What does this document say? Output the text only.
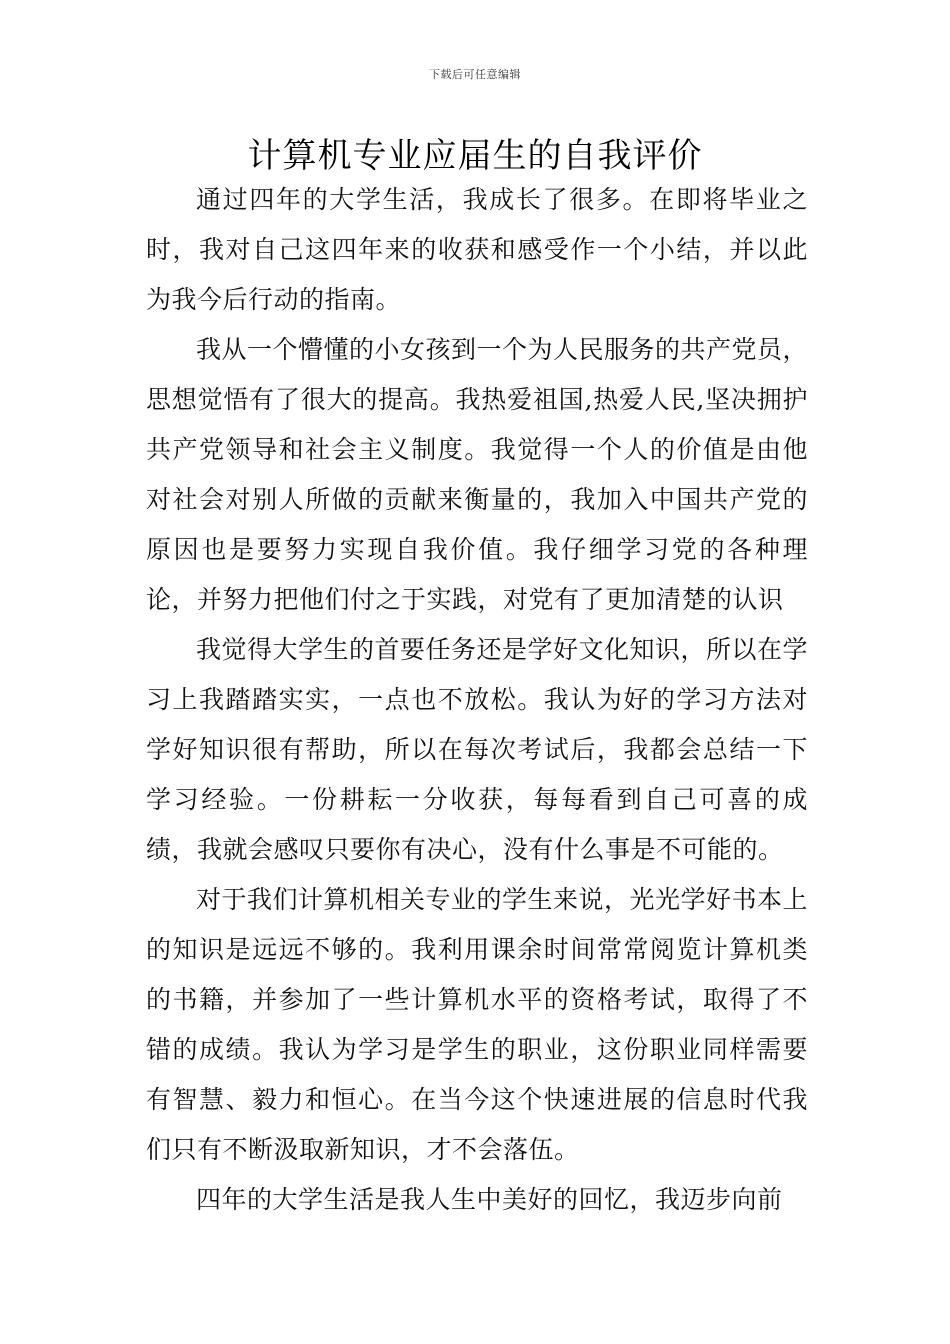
下载后可任意编辑
计算机专业应届生的自我评价

通过四年的大学生活，我成长了很多。在即将毕业之时，我对自己这四年来的收获和感受作一个小结，并以此为我今后行动的指南。

我从一个懵懂的小女孩到一个为人民服务的共产党员，思想觉悟有了很大的提高。我热爱祖国,热爱人民,坚决拥护共产党领导和社会主义制度。我觉得一个人的价值是由他对社会对别人所做的贡献来衡量的，我加入中国共产党的原因也是要努力实现自我价值。我仔细学习党的各种理论，并努力把他们付之于实践，对党有了更加清楚的认识

我觉得大学生的首要任务还是学好文化知识，所以在学习上我踏踏实实，一点也不放松。我认为好的学习方法对学好知识很有帮助，所以在每次考试后，我都会总结一下学习经验。一份耕耘一分收获，每每看到自己可喜的成绩，我就会感叹只要你有决心，没有什么事是不可能的。

对于我们计算机相关专业的学生来说，光光学好书本上的知识是远远不够的。我利用课余时间常常阅览计算机类的书籍，并参加了一些计算机水平的资格考试，取得了不错的成绩。我认为学习是学生的职业，这份职业同样需要有智慧、毅力和恒心。在当今这个快速进展的信息时代我们只有不断汲取新知识，才不会落伍。

四年的大学生活是我人生中美好的回忆，我迈步向前
